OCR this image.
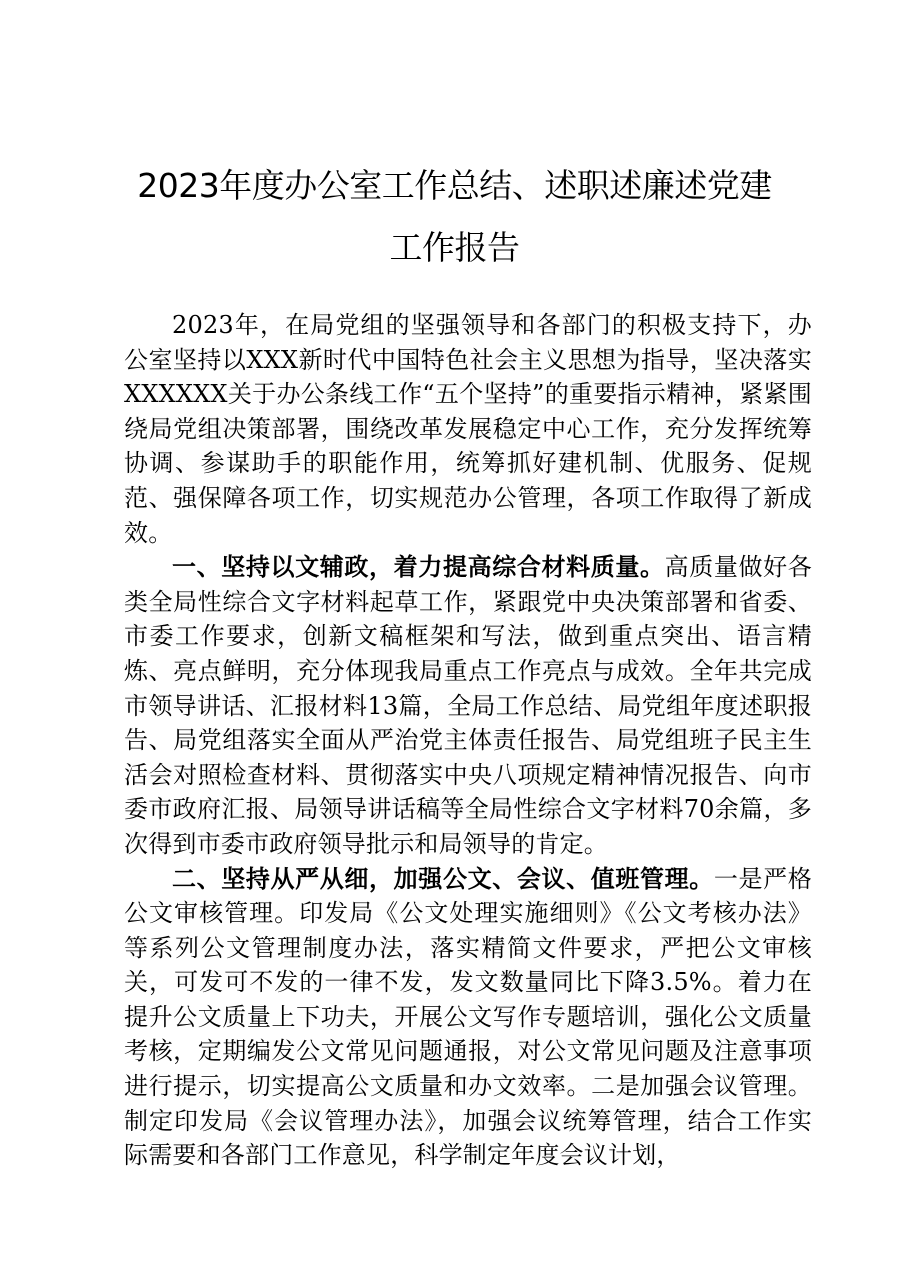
2023年度办公室工作总结、述职述廉述党建
工作报告

2023年，在局党组的坚强领导和各部门的积极支持下，办公室坚持以XXX新时代中国特色社会主义思想为指导，坚决落实XXXXXX关于办公条线工作“五个坚持”的重要指示精神，紧紧围绕局党组决策部署，围绕改革发展稳定中心工作，充分发挥统筹协调、参谋助手的职能作用，统筹抓好建机制、优服务、促规范、强保障各项工作，切实规范办公管理，各项工作取得了新成效。

一、坚持以文辅政，着力提高综合材料质量。高质量做好各类全局性综合文字材料起草工作，紧跟党中央决策部署和省委、市委工作要求，创新文稿框架和写法，做到重点突出、语言精炼、亮点鲜明，充分体现我局重点工作亮点与成效。全年共完成市领导讲话、汇报材料13篇，全局工作总结、局党组年度述职报告、局党组落实全面从严治党主体责任报告、局党组班子民主生活会对照检查材料、贯彻落实中央八项规定精神情况报告、向市委市政府汇报、局领导讲话稿等全局性综合文字材料70余篇，多次得到市委市政府领导批示和局领导的肯定。

二、坚持从严从细，加强公文、会议、值班管理。一是严格公文审核管理。印发局《公文处理实施细则》《公文考核办法》等系列公文管理制度办法，落实精简文件要求，严把公文审核关，可发可不发的一律不发，发文数量同比下降3.5%。着力在提升公文质量上下功夫，开展公文写作专题培训，强化公文质量考核，定期编发公文常见问题通报，对公文常见问题及注意事项进行提示，切实提高公文质量和办文效率。二是加强会议管理。制定印发局《会议管理办法》，加强会议统筹管理，结合工作实际需要和各部门工作意见，科学制定年度会议计划，
